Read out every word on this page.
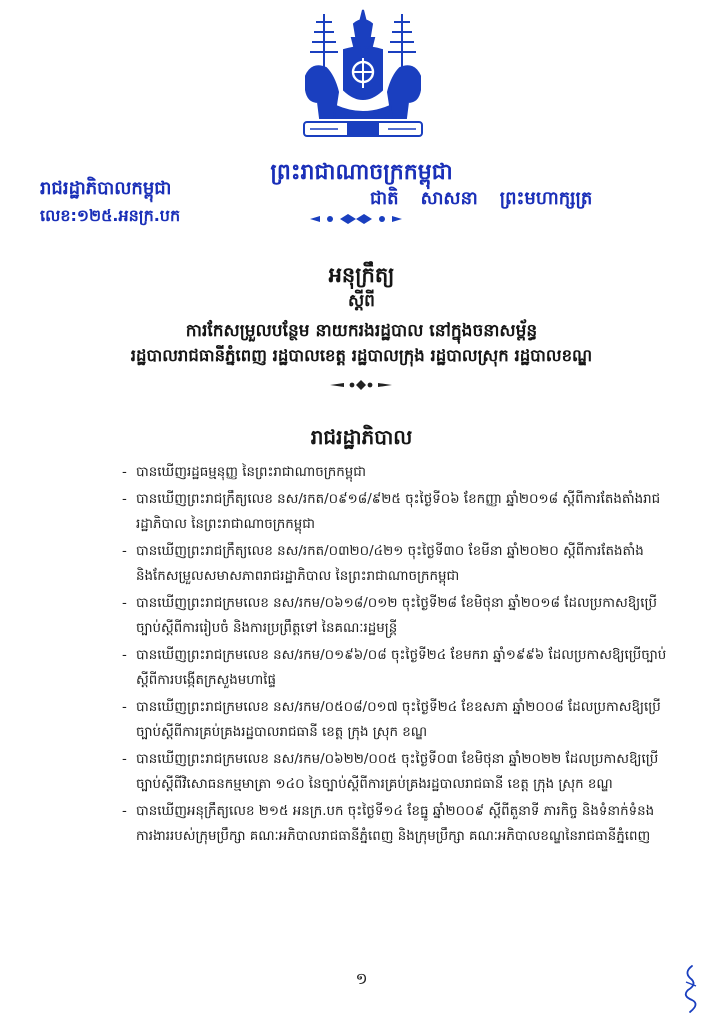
ព្រះរាជាណាចក្រកម្ពុជា
ជាតិ សាសនា ព្រះមហាក្សត្រ
រាជរដ្ឋាភិបាលកម្ពុជា
លេខ:១២៥.អនក្រ.បក
អនុក្រឹត្យ
ស្ដីពី
ការកែសម្រួលបន្ថែម នាយករងរដ្ឋបាល នៅក្នុងចនាសម្ព័ន្ធ
រដ្ឋបាលរាជធានីភ្នំពេញ រដ្ឋបាលខេត្ត រដ្ឋបាលក្រុង រដ្ឋបាលស្រុក រដ្ឋបាលខណ្ឌ
រាជរដ្ឋាភិបាល
- បានឃើញរដ្ឋធម្មនុញ្ញ នៃព្រះរាជាណាចក្រកម្ពុជា
- បានឃើញព្រះរាជក្រឹត្យលេខ នស/រកត/០៩១៨/៩២៥ ចុះថ្ងៃទី០៦ ខែកញ្ញា ឆ្នាំ២០១៨ ស្ដីពីការតែងតាំងរាជរដ្ឋាភិបាល នៃព្រះរាជាណាចក្រកម្ពុជា
- បានឃើញព្រះរាជក្រឹត្យលេខ នស/រកត/០៣២០/៤២១ ចុះថ្ងៃទី៣០ ខែមីនា ឆ្នាំ២០២០ ស្ដីពីការតែងតាំង និងកែសម្រួលសមាសភាពរាជរដ្ឋាភិបាល នៃព្រះរាជាណាចក្រកម្ពុជា
- បានឃើញព្រះរាជក្រមលេខ នស/រកម/០៦១៨/០១២ ចុះថ្ងៃទី២៨ ខែមិថុនា ឆ្នាំ២០១៨ ដែលប្រកាសឱ្យប្រើច្បាប់ស្ដីពីការរៀបចំ និងការប្រព្រឹត្តទៅ នៃគណៈរដ្ឋមន្ត្រី
- បានឃើញព្រះរាជក្រមលេខ នស/រកម/០១៩៦/០៨ ចុះថ្ងៃទី២៤ ខែមករា ឆ្នាំ១៩៩៦ ដែលប្រកាសឱ្យប្រើច្បាប់ស្ដីពីការបង្កើតក្រសួងមហាផ្ទៃ
- បានឃើញព្រះរាជក្រមលេខ នស/រកម/០៥០៨/០១៧ ចុះថ្ងៃទី២៤ ខែឧសភា ឆ្នាំ២០០៨ ដែលប្រកាសឱ្យប្រើច្បាប់ស្ដីពីការគ្រប់គ្រងរដ្ឋបាលរាជធានី ខេត្ត ក្រុង ស្រុក ខណ្ឌ
- បានឃើញព្រះរាជក្រមលេខ នស/រកម/០៦២២/០០៥ ចុះថ្ងៃទី០៣ ខែមិថុនា ឆ្នាំ២០២២ ដែលប្រកាសឱ្យប្រើច្បាប់ស្ដីពីវិសោធនកម្មមាត្រា ១៤០ នៃច្បាប់ស្ដីពីការគ្រប់គ្រងរដ្ឋបាលរាជធានី ខេត្ត ក្រុង ស្រុក ខណ្ឌ
- បានឃើញអនុក្រឹត្យលេខ ២១៥ អនក្រ.បក ចុះថ្ងៃទី១៤ ខែធ្នូ ឆ្នាំ២០០៩ ស្ដីពីតួនាទី ភារកិច្ច និងទំនាក់ទំនងការងាររបស់ក្រុមប្រឹក្សា គណៈអភិបាលរាជធានីភ្នំពេញ និងក្រុមប្រឹក្សា គណៈអភិបាលខណ្ឌនៃរាជធានីភ្នំពេញ
១
